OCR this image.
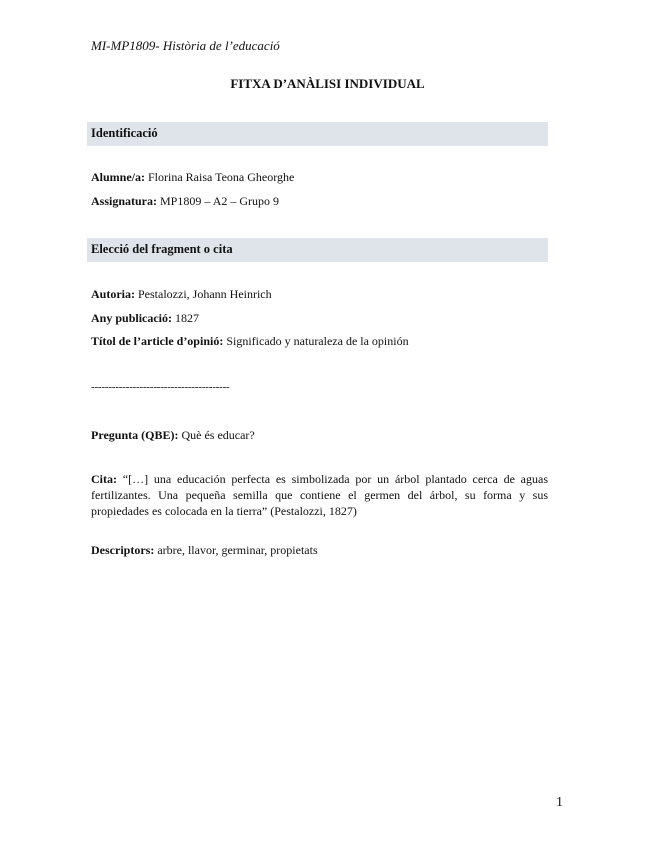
MI-MP1809- Història de l’educació
FITXA D’ANÀLISI INDIVIDUAL
Identificació
Alumne/a: Florina Raisa Teona Gheorghe
Assignatura: MP1809 – A2 – Grupo 9
Elecció del fragment o cita
Autoria: Pestalozzi, Johann Heinrich
Any publicació: 1827
Títol de l’article d’opinió: Significado y naturaleza de la opinión
----------------------------------------
Pregunta (QBE): Què és educar?
Cita: “[…] una educación perfecta es simbolizada por un árbol plantado cerca de aguas fertilizantes. Una pequeña semilla que contiene el germen del árbol, su forma y sus propiedades es colocada en la tierra” (Pestalozzi, 1827)
Descriptors: arbre, llavor, germinar, propietats
1
